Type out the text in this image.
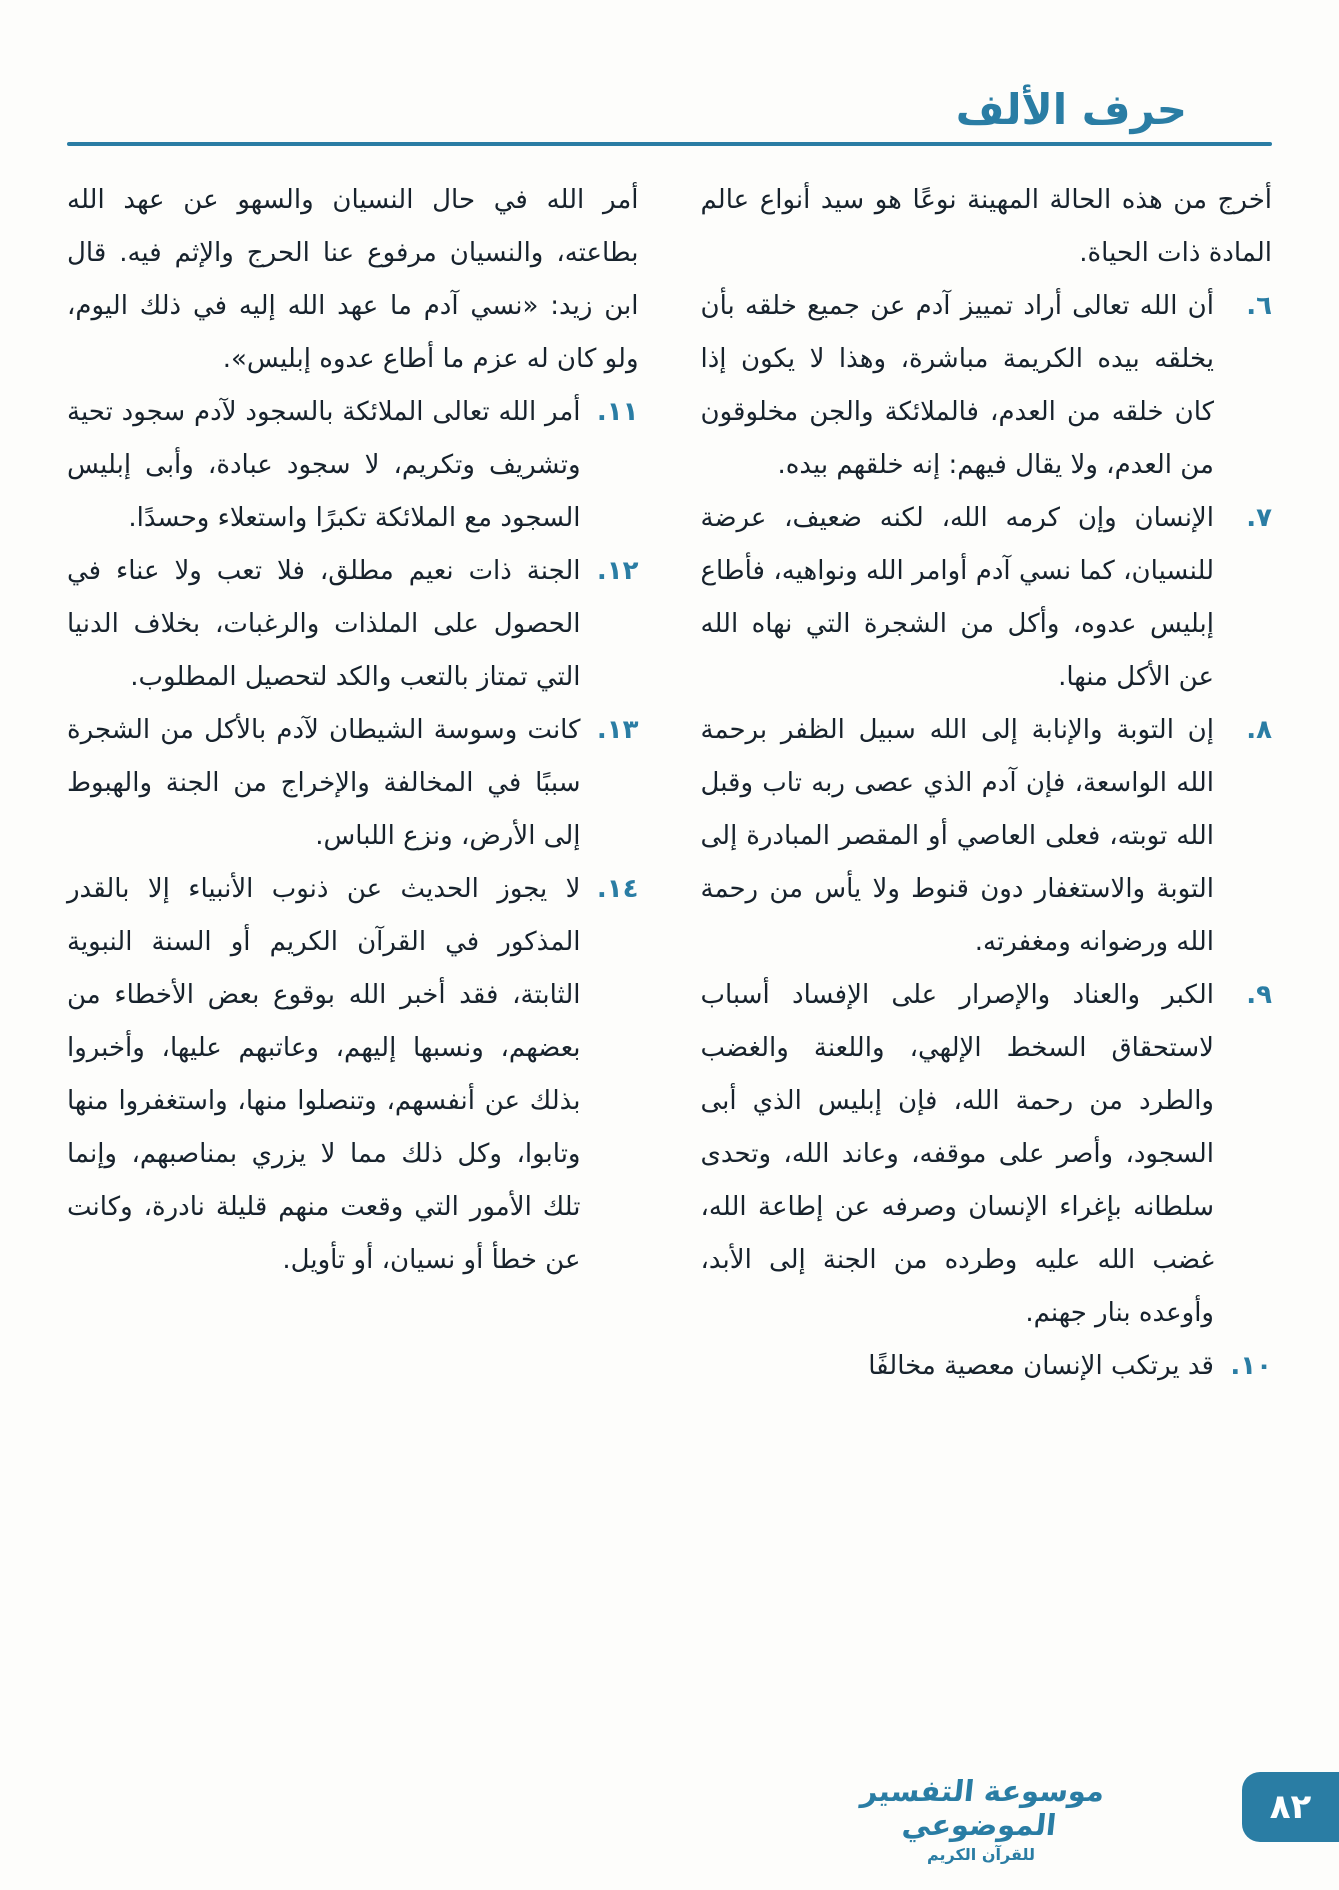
حرف الألف

أخرج من هذه الحالة المهينة نوعًا هو سيد أنواع عالم المادة ذات الحياة.

٦.
أن الله تعالى أراد تمييز آدم عن جميع خلقه بأن يخلقه بيده الكريمة مباشرة، وهذا لا يكون إذا كان خلقه من العدم، فالملائكة والجن مخلوقون من العدم، ولا يقال فيهم: إنه خلقهم بيده.
٧.
الإنسان وإن كرمه الله، لكنه ضعيف، عرضة للنسيان، كما نسي آدم أوامر الله ونواهيه، فأطاع إبليس عدوه، وأكل من الشجرة التي نهاه الله عن الأكل منها.
٨.
إن التوبة والإنابة إلى الله سبيل الظفر برحمة الله الواسعة، فإن آدم الذي عصى ربه تاب وقبل الله توبته، فعلى العاصي أو المقصر المبادرة إلى التوبة والاستغفار دون قنوط ولا يأس من رحمة الله ورضوانه ومغفرته.
٩.
الكبر والعناد والإصرار على الإفساد أسباب لاستحقاق السخط الإلهي، واللعنة والغضب والطرد من رحمة الله، فإن إبليس الذي أبى السجود، وأصر على موقفه، وعاند الله، وتحدى سلطانه بإغراء الإنسان وصرفه عن إطاعة الله، غضب الله عليه وطرده من الجنة إلى الأبد، وأوعده بنار جهنم.
١٠.
قد يرتكب الإنسان معصية مخالفًا

أمر الله في حال النسيان والسهو عن عهد الله بطاعته، والنسيان مرفوع عنا الحرج والإثم فيه. قال ابن زيد: «نسي آدم ما عهد الله إليه في ذلك اليوم، ولو كان له عزم ما أطاع عدوه إبليس».

١١.
أمر الله تعالى الملائكة بالسجود لآدم سجود تحية وتشريف وتكريم، لا سجود عبادة، وأبى إبليس السجود مع الملائكة تكبرًا واستعلاء وحسدًا.
١٢.
الجنة ذات نعيم مطلق، فلا تعب ولا عناء في الحصول على الملذات والرغبات، بخلاف الدنيا التي تمتاز بالتعب والكد لتحصيل المطلوب.
١٣.
كانت وسوسة الشيطان لآدم بالأكل من الشجرة سببًا في المخالفة والإخراج من الجنة والهبوط إلى الأرض، ونزع اللباس.
١٤.
لا يجوز الحديث عن ذنوب الأنبياء إلا بالقدر المذكور في القرآن الكريم أو السنة النبوية الثابتة، فقد أخبر الله بوقوع بعض الأخطاء من بعضهم، ونسبها إليهم، وعاتبهم عليها، وأخبروا بذلك عن أنفسهم، وتنصلوا منها، واستغفروا منها وتابوا، وكل ذلك مما لا يزري بمناصبهم، وإنما تلك الأمور التي وقعت منهم قليلة نادرة، وكانت عن خطأ أو نسيان، أو تأويل.
موسوعة التفسير الموضوعي
للقرآن الكريم
٨٢
